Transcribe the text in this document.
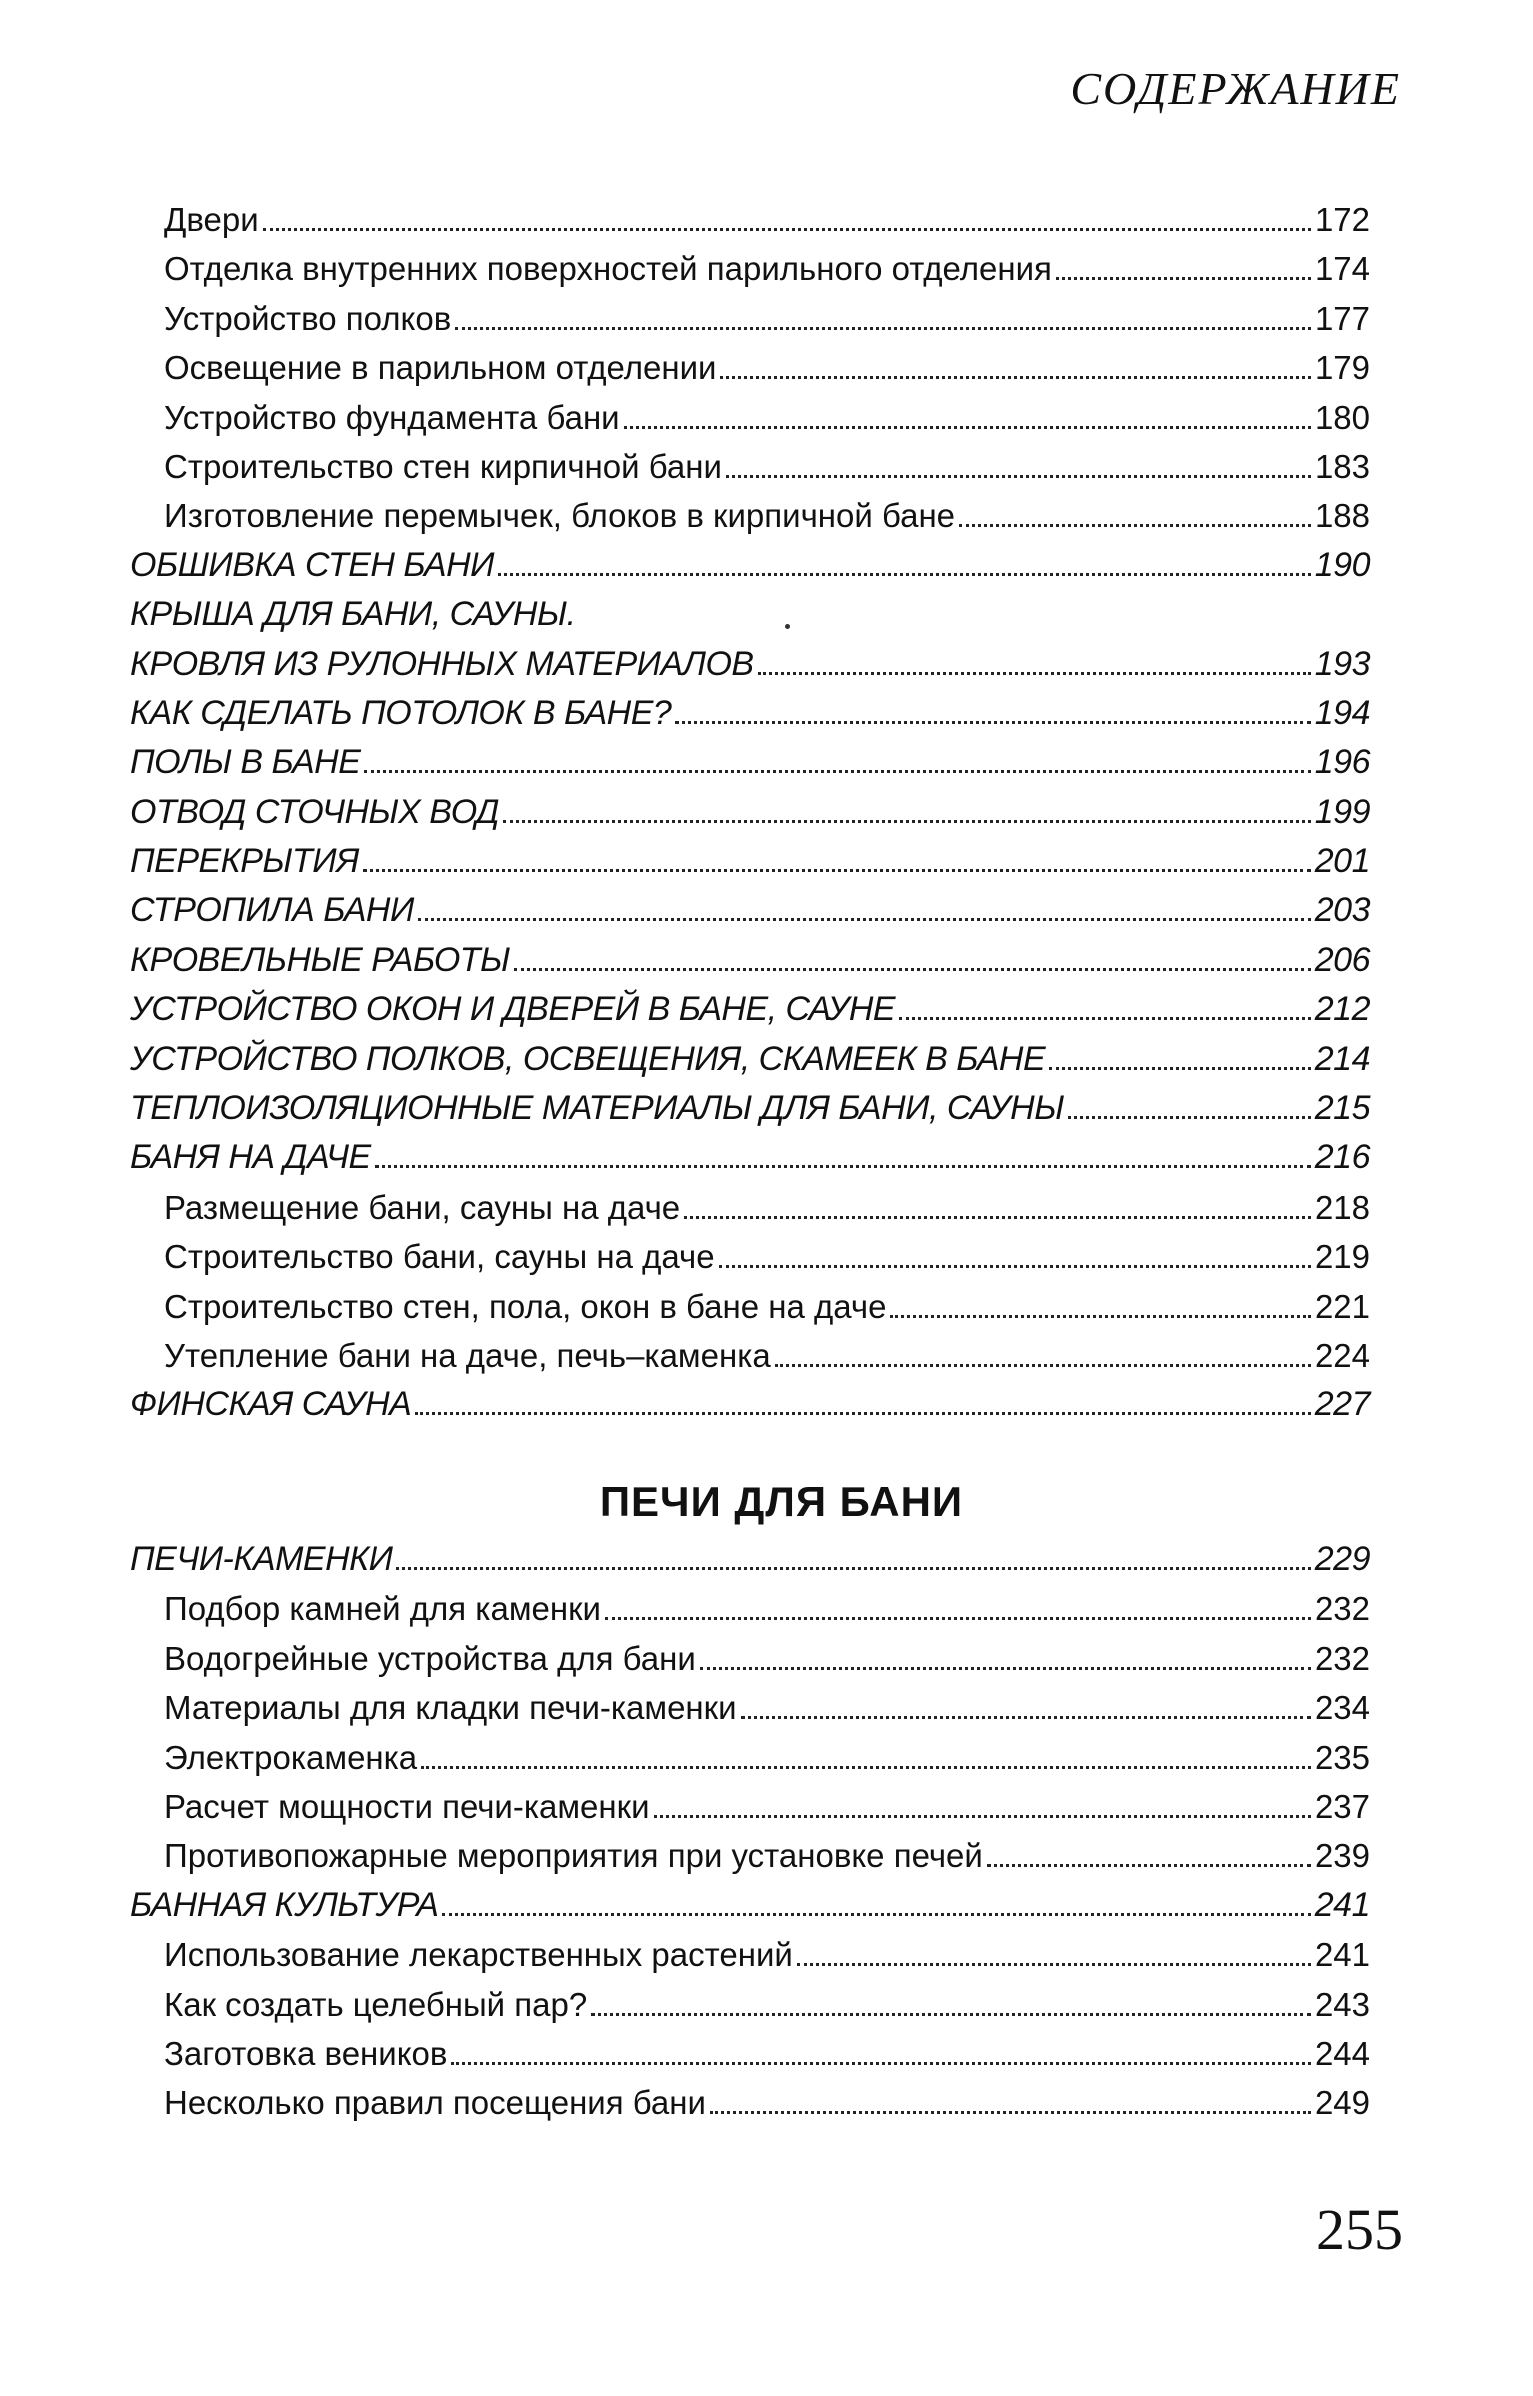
СОДЕРЖАНИЕ
Двери	172
Отделка внутренних поверхностей парильного отделения	174
Устройство полков	177
Освещение в парильном отделении	179
Устройство фундамента бани	180
Строительство стен кирпичной бани	183
Изготовление перемычек, блоков в кирпичной бане	188
ОБШИВКА СТЕН БАНИ	190
КРЫША ДЛЯ БАНИ, САУНЫ.
КРОВЛЯ ИЗ РУЛОННЫХ МАТЕРИАЛОВ	193
КАК СДЕЛАТЬ ПОТОЛОК В БАНЕ?	194
ПОЛЫ В БАНЕ	196
ОТВОД СТОЧНЫХ ВОД	199
ПЕРЕКРЫТИЯ	201
СТРОПИЛА БАНИ	203
КРОВЕЛЬНЫЕ РАБОТЫ	206
УСТРОЙСТВО ОКОН И ДВЕРЕЙ В БАНЕ, САУНЕ	212
УСТРОЙСТВО ПОЛКОВ, ОСВЕЩЕНИЯ, СКАМЕЕК В БАНЕ	214
ТЕПЛОИЗОЛЯЦИОННЫЕ МАТЕРИАЛЫ ДЛЯ БАНИ, САУНЫ	215
БАНЯ НА ДАЧЕ	216
Размещение бани, сауны на даче	218
Строительство бани, сауны на даче	219
Строительство стен, пола, окон в бане на даче	221
Утепление бани на даче, печь–каменка	224
ФИНСКАЯ САУНА	227
ПЕЧИ ДЛЯ БАНИ
ПЕЧИ-КАМЕНКИ	229
Подбор камней для каменки	232
Водогрейные устройства для бани	232
Материалы для кладки печи-каменки	234
Электрокаменка	235
Расчет мощности печи-каменки	237
Противопожарные мероприятия при установке печей	239
БАННАЯ КУЛЬТУРА	241
Использование лекарственных растений	241
Как создать целебный пар?	243
Заготовка веников	244
Несколько правил посещения бани	249
255
